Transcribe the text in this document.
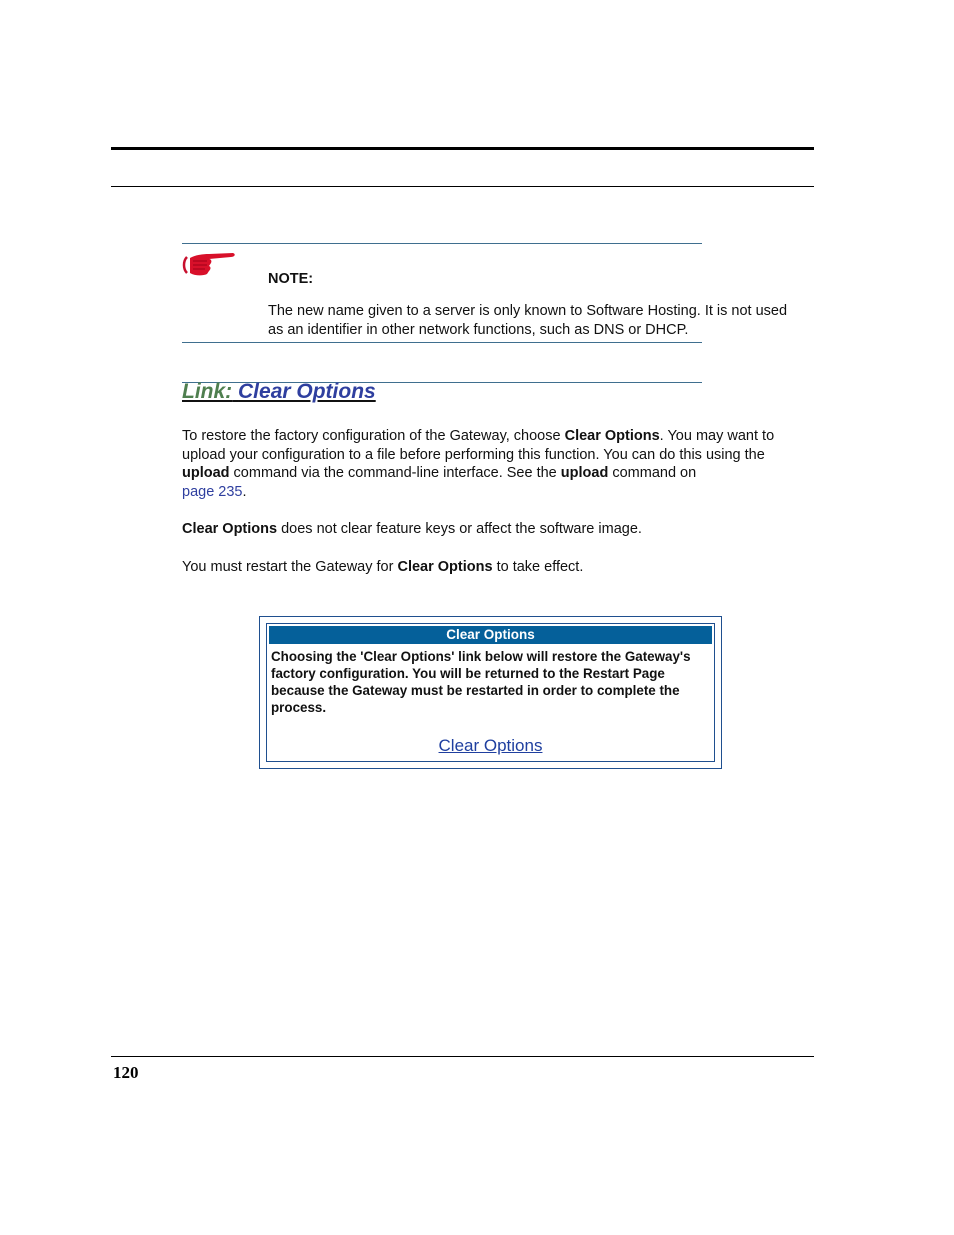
NOTE:
The new name given to a server is only known to Software Hosting. It is not used as an identifier in other network functions, such as DNS or DHCP.
Link: Clear Options

To restore the factory configuration of the Gateway, choose Clear Options. You may want to upload your configuration to a file before performing this function. You can do this using the upload command via the command-line interface. See the upload command on
page 235.

Clear Options does not clear feature keys or affect the software image.

You must restart the Gateway for Clear Options to take effect.

Clear Options
Choosing the 'Clear Options' link below will restore the Gateway's factory configuration. You will be returned to the Restart Page because the Gateway must be restarted in order to complete the process.
Clear Options
120
